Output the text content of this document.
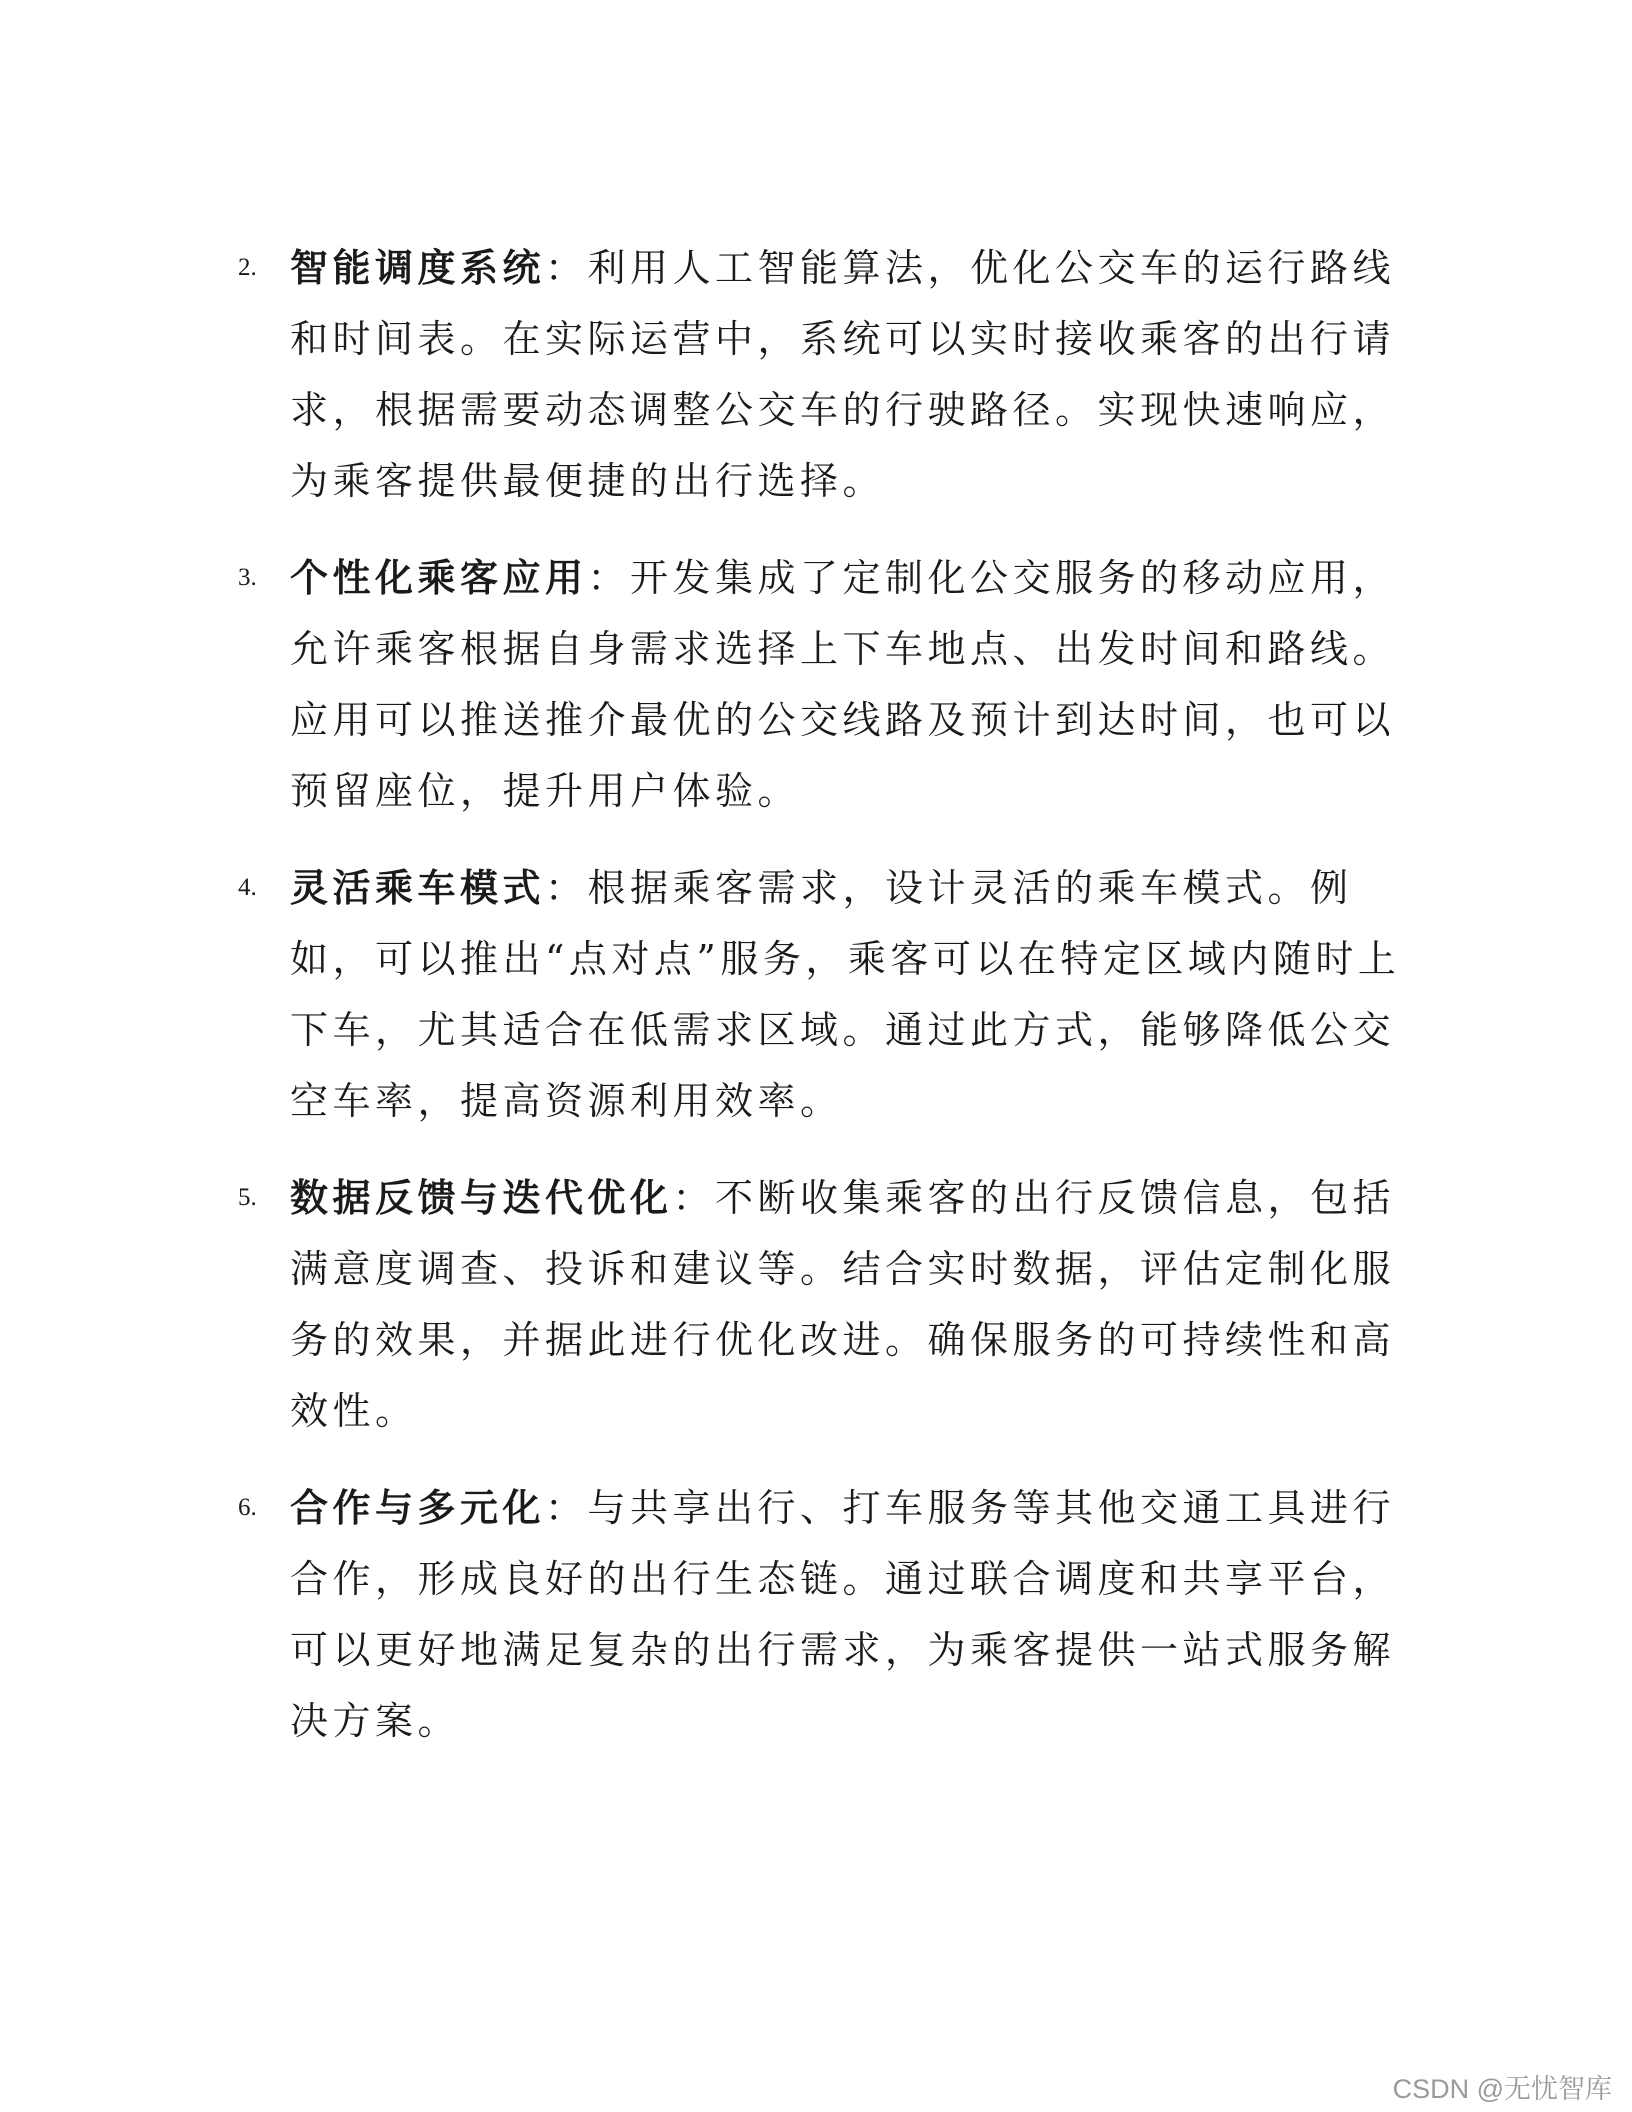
2. 智能调度系统：利用人工智能算法，优化公交车的运行路线和时间表。在实际运营中，系统可以实时接收乘客的出行请求，根据需要动态调整公交车的行驶路径。实现快速响应，为乘客提供最便捷的出行选择。
3. 个性化乘客应用：开发集成了定制化公交服务的移动应用，允许乘客根据自身需求选择上下车地点、出发时间和路线。应用可以推送推介最优的公交线路及预计到达时间，也可以预留座位，提升用户体验。
4. 灵活乘车模式：根据乘客需求，设计灵活的乘车模式。例如，可以推出“点对点”服务，乘客可以在特定区域内随时上下车，尤其适合在低需求区域。通过此方式，能够降低公交空车率，提高资源利用效率。
5. 数据反馈与迭代优化：不断收集乘客的出行反馈信息，包括满意度调查、投诉和建议等。结合实时数据，评估定制化服务的效果，并据此进行优化改进。确保服务的可持续性和高效性。
6. 合作与多元化：与共享出行、打车服务等其他交通工具进行合作，形成良好的出行生态链。通过联合调度和共享平台，可以更好地满足复杂的出行需求，为乘客提供一站式服务解决方案。
CSDN @无忧智库
